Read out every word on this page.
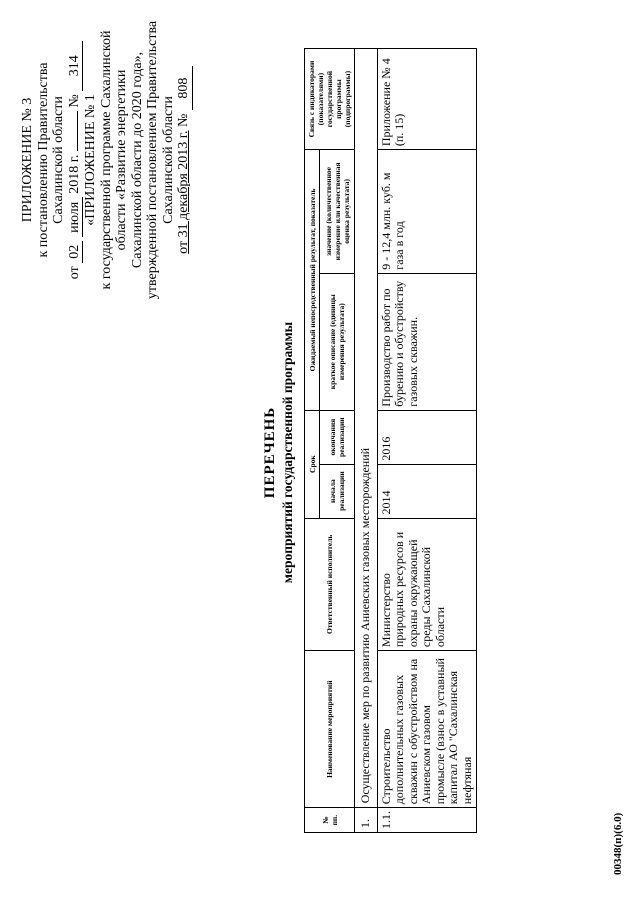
ПРИЛОЖЕНИЕ № 3 к постановлению Правительства Сахалинской области
от 02 июля 2018 г.  № 314
«ПРИЛОЖЕНИЕ № 1 к государственной программе Сахалинской области «Развитие энергетики Сахалинской области до 2020 года», утвержденной постановлением Правительства Сахалинской области от 31 декабря 2013 г. № 808
ПЕРЕЧЕНЬ мероприятий государственной программы
№ пп.	Наименование мероприятий	Ответственный исполнитель	Срок		Ожидаемый непосредственный результат, показатель		Связь с индикаторами (показателями) государственной программы (подпрограммы)
			начала реализации	окончания реализации	краткое описание (единицы измерения результата)	значение (количественное измерение или качественная оценка результата)	
1.	Осуществление мер по развитию Аниевских газовых месторождений						
1.1.	Строительство дополнительных газовых скважин с обустройством на Аниевском газовом промысле (взнос в уставный капитал АО "Сахалинская нефтяная	Министерство природных ресурсов и охраны окружающей среды Сахалинской области	2014	2016	Производство работ по бурению и обустройству газовых скважин.	9 - 12,4 млн. куб. м газа в год	Приложение № 4 (п. 15)
00348(п)(6.0)
